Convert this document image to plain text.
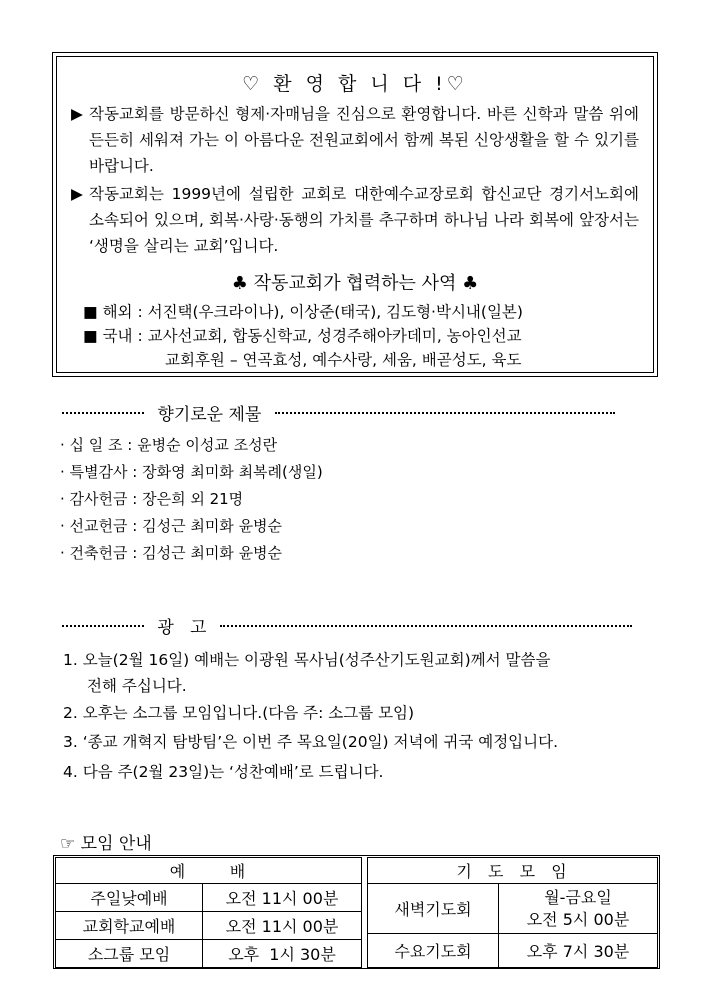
♡ 환 영 합 니 다 !♡
▶ 작동교회를 방문하신 형제·자매님을 진심으로 환영합니다. 바른 신학과 말씀 위에 든든히 세워져 가는 이 아름다운 전원교회에서 함께 복된 신앙생활을 할 수 있기를 바랍니다.
▶ 작동교회는 1999년에 설립한 교회로 대한예수교장로회 합신교단 경기서노회에 소속되어 있으며, 회복·사랑·동행의 가치를 추구하며 하나님 나라 회복에 앞장서는 ‘생명을 살리는 교회’입니다.
♣ 작동교회가 협력하는 사역 ♣
■ 해외 : 서진택(우크라이나), 이상준(태국), 김도형·박시내(일본)
■ 국내 : 교사선교회, 합동신학교, 성경주해아카데미, 농아인선교
교회후원 – 연곡효성, 예수사랑, 세움, 배곧성도, 육도
향기로운 제물
· 십 일 조 : 윤병순 이성교 조성란
· 특별감사 : 장화영 최미화 최복례(생일)
· 감사헌금 : 장은희 외 21명
· 선교헌금 : 김성근 최미화 윤병순
· 건축헌금 : 김성근 최미화 윤병순
광   고
1. 오늘(2월 16일) 예배는 이광원 목사님(성주산기도원교회)께서 말씀을
전해 주십니다.
2. 오후는 소그룹 모임입니다.(다음 주: 소그룹 모임)
3. ‘종교 개혁지 탐방팀’은 이번 주 목요일(20일) 저녁에 귀국 예정입니다.
4. 다음 주(2월 23일)는 ‘성찬예배’로 드립니다.
☞ 모임 안내
예      배	
주일낮예배	오전 11시 00분
교회학교예배	오전 11시 00분
소그룹 모임	오후  1시 30분
기  도  모  임	
새벽기도회	월-금요일
오전 5시 00분

수요기도회	오후 7시 30분
